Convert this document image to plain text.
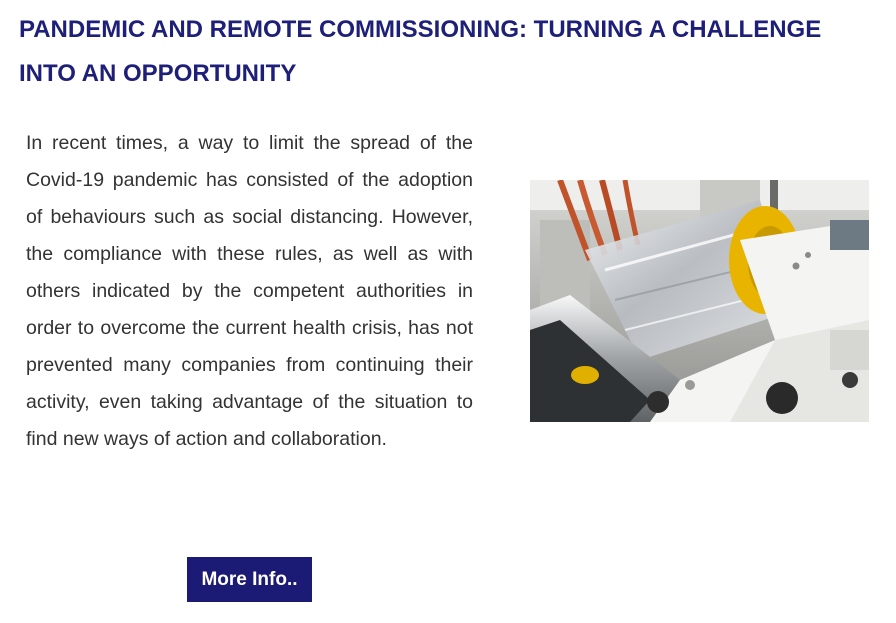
PANDEMIC AND REMOTE COMMISSIONING: TURNING A CHALLENGE INTO AN OPPORTUNITY

In recent times, a way to limit the spread of the Covid-19 pandemic has consisted of the adoption of behaviours such as social distancing. However, the compliance with these rules, as well as with others indicated by the competent authorities in order to overcome the current health crisis, has not prevented many companies from continuing their activity, even taking advantage of the situation to find new ways of action and collaboration.

More Info..
